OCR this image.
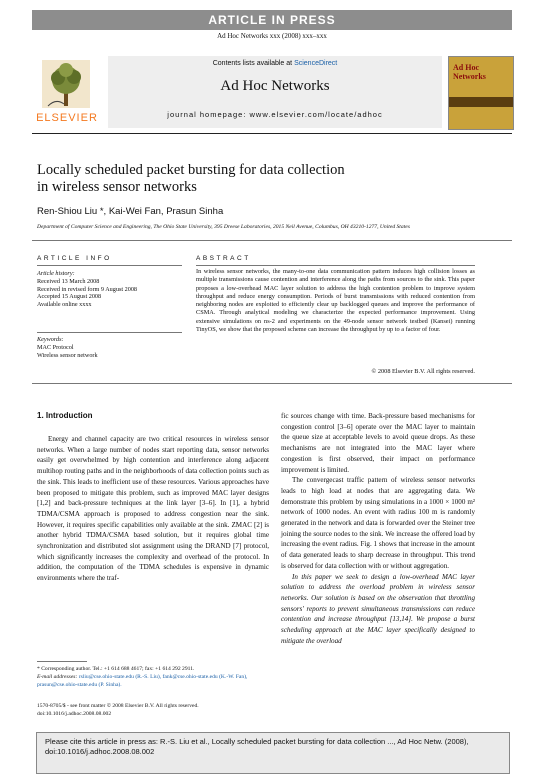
ARTICLE IN PRESS
Ad Hoc Networks xxx (2008) xxx–xxx
ELSEVIER
Contents lists available at ScienceDirect
Ad Hoc Networks
journal homepage: www.elsevier.com/locate/adhoc
Ad Hoc Networks
Locally scheduled packet bursting for data collection
in wireless sensor networks
Ren-Shiou Liu *, Kai-Wei Fan, Prasun Sinha
Department of Computer Science and Engineering, The Ohio State University, 395 Dreese Laboratories, 2015 Neil Avenue, Columbus, OH 43210-1277, United States
ARTICLE INFO	ABSTRACT
Article history:
Received 13 March 2008
Received in revised form 9 August 2008
Accepted 15 August 2008
Available online xxxx
Keywords:
MAC Protocol
Wireless sensor network
In wireless sensor networks, the many-to-one data communication pattern induces high collision losses as multiple transmissions cause contention and interference along the paths from sources to the sink. This paper proposes a low-overhead MAC layer solution to address the high contention problem to improve system throughput and reduce energy consumption. Periods of burst transmissions with reduced contention from neighboring nodes are exploited to efficiently clear up backlogged queues and improve the performance of CSMA. Through analytical modeling we characterize the expected performance improvement. Using extensive simulations on ns-2 and experiments on the 49-node sensor network testbed (Kansei) running TinyOS, we show that the proposed scheme can increase the throughput by up to a factor of four.
© 2008 Elsevier B.V. All rights reserved.
1. Introduction

Energy and channel capacity are two critical resources in wireless sensor networks. When a large number of nodes start reporting data, sensor networks easily get overwhelmed by high contention and interference along adjacent multihop routing paths and in the neighborhoods of data collection points such as the sink. This leads to inefficient use of these resources. Various approaches have been proposed to mitigate this problem, such as improved MAC layer designs [1,2] and back-pressure techniques at the link layer [3–6]. In [1], a hybrid TDMA/CSMA approach is proposed to address congestion near the sink. However, it requires specific capabilities only available at the sink. ZMAC [2] is another hybrid TDMA/CSMA based solution, but it requires global time synchronization and distributed slot assignment using the DRAND [7] protocol, which significantly increases the complexity and overhead of the protocol. In addition, the computation of the TDMA schedules is expensive in dynamic environments where the traf-

fic sources change with time. Back-pressure based mechanisms for congestion control [3–6] operate over the MAC layer to maintain the queue size at acceptable levels to avoid queue drops. As these mechanisms are not integrated into the MAC layer where congestion is first observed, their impact on performance improvement is limited.

The convergecast traffic pattern of wireless sensor networks leads to high load at nodes that are aggregating data. We demonstrate this problem by using simulations in a 1000 × 1000 m² network of 1000 nodes. An event with radius 100 m is randomly generated in the network and data is forwarded over the Steiner tree joining the source nodes to the sink. We increase the offered load by increasing the event radius. Fig. 1 shows that increase in the amount of data generated leads to sharp decrease in throughput. This trend is observed for data collection with or without aggregation.

In this paper we seek to design a low-overhead MAC layer solution to address the overload problem in wireless sensor networks. Our solution is based on the observation that throttling sensors' reports to prevent simultaneous transmissions can reduce contention and increase throughput [13,14]. We propose a burst scheduling approach at the MAC layer specifically designed to mitigate the overload

* Corresponding author. Tel.: +1 614 688 4617; fax: +1 614 292 2911.
E-mail addresses: rsliu@cse.ohio-state.edu (R.-S. Liu), fank@cse.ohio-state.edu (K.-W. Fan), prasun@cse.ohio-state.edu (P. Sinha).
1570-8705/$ - see front matter © 2008 Elsevier B.V. All rights reserved.
doi:10.1016/j.adhoc.2008.08.002
Please cite this article in press as: R.-S. Liu et al., Locally scheduled packet bursting for data collection ..., Ad Hoc Netw. (2008), doi:10.1016/j.adhoc.2008.08.002
